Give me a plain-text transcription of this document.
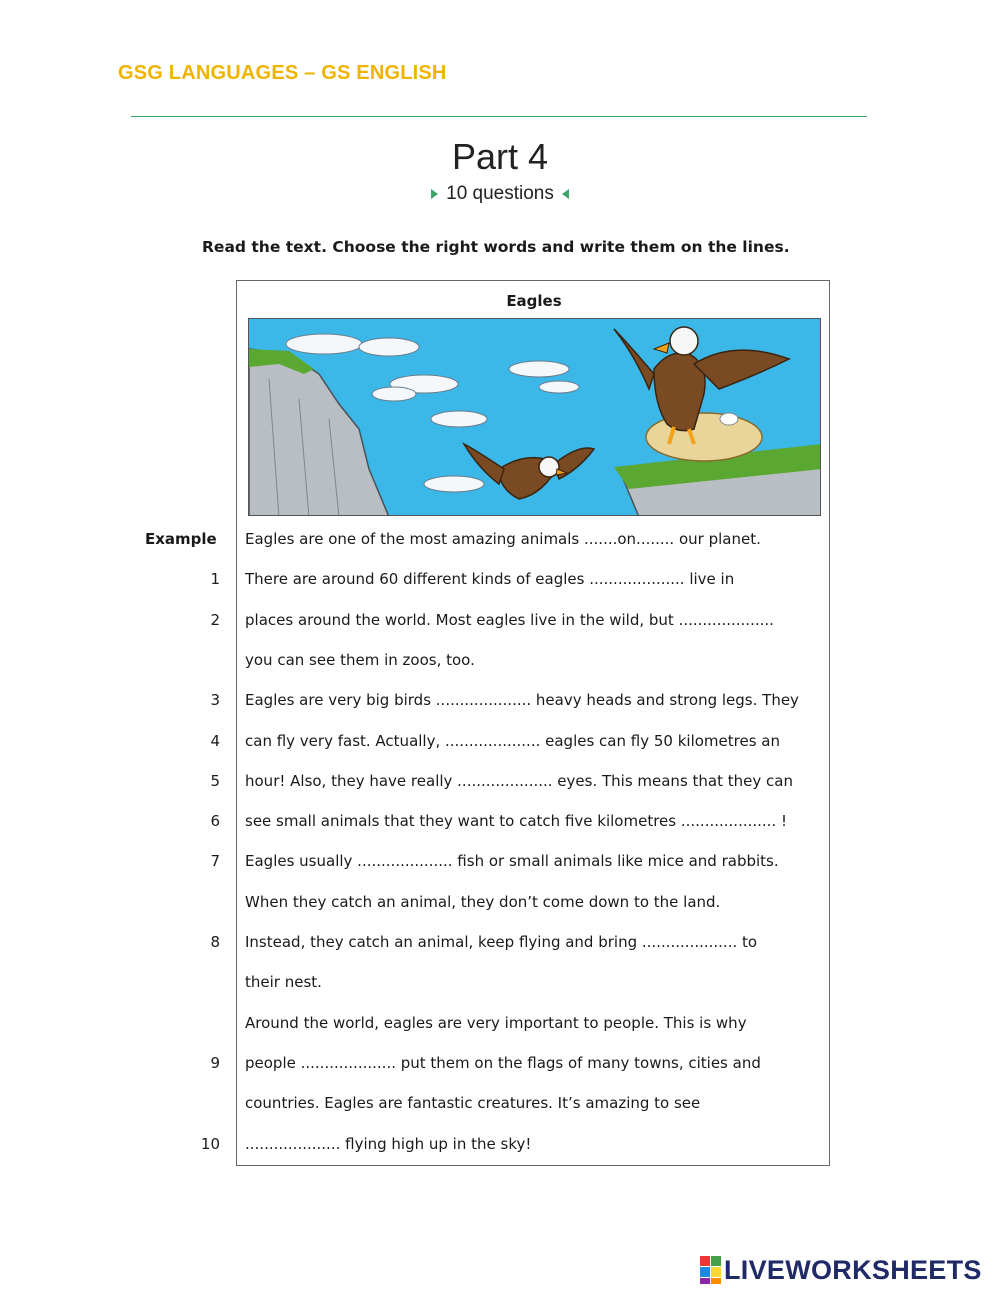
GSG LANGUAGES – GS ENGLISH
Part 4
10 questions
Read the text. Choose the right words and write them on the lines.
Eagles
Example Eagles are one of the most amazing animals .......on........ our planet.
1 There are around 60 different kinds of eagles .................... live in
2 places around the world. Most eagles live in the wild, but ....................
you can see them in zoos, too.
3 Eagles are very big birds .................... heavy heads and strong legs. They
4 can fly very fast. Actually, .................... eagles can fly 50 kilometres an
5 hour! Also, they have really .................... eyes. This means that they can
6 see small animals that they want to catch five kilometres .................... !
7 Eagles usually .................... fish or small animals like mice and rabbits.
When they catch an animal, they don’t come down to the land.
8 Instead, they catch an animal, keep flying and bring .................... to
their nest.
Around the world, eagles are very important to people. This is why
9 people .................... put them on the flags of many towns, cities and
countries. Eagles are fantastic creatures. It’s amazing to see
10 .................... flying high up in the sky!
LIVEWORKSHEETS
